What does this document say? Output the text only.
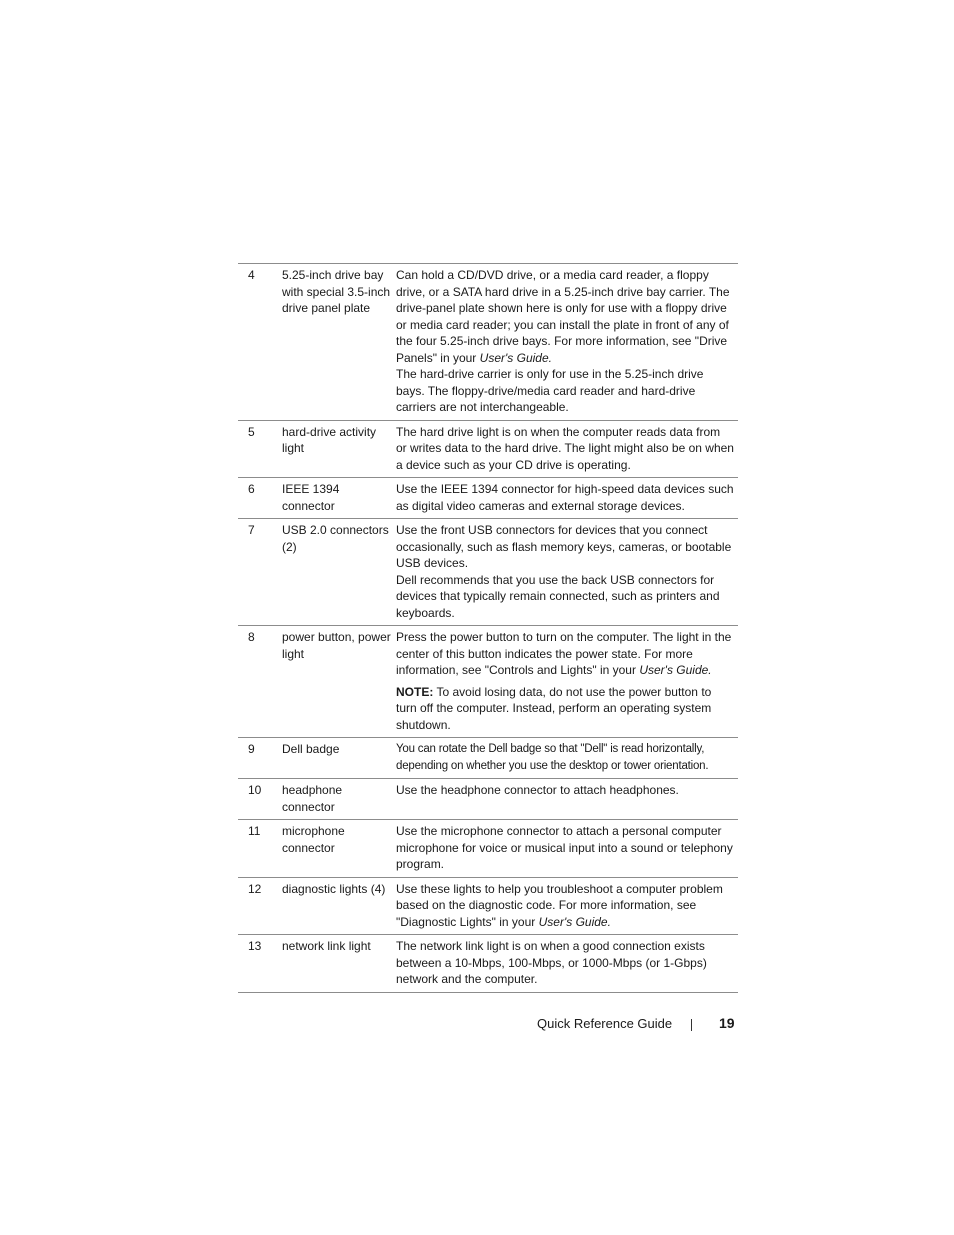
4	5.25-inch drive bay with special 3.5-inch drive panel plate	Can hold a CD/DVD drive, or a media card reader, a floppy drive, or a SATA hard drive in a 5.25-inch drive bay carrier. The drive-panel plate shown here is only for use with a floppy drive or media card reader; you can install the plate in front of any of the four 5.25-inch drive bays. For more information, see "Drive Panels" in your User's Guide.

The hard-drive carrier is only for use in the 5.25-inch drive bays. The floppy-drive/media card reader and hard-drive carriers are not interchangeable.

5	hard-drive activity light	The hard drive light is on when the computer reads data from or writes data to the hard drive. The light might also be on when a device such as your CD drive is operating.
6	IEEE 1394 connector	Use the IEEE 1394 connector for high-speed data devices such as digital video cameras and external storage devices.
7	USB 2.0 connectors (2)	Use the front USB connectors for devices that you connect occasionally, such as flash memory keys, cameras, or bootable USB devices.

Dell recommends that you use the back USB connectors for devices that typically remain connected, such as printers and keyboards.

8	power button, power light	Press the power button to turn on the computer. The light in the center of this button indicates the power state. For more information, see "Controls and Lights" in your User's Guide.

NOTE: To avoid losing data, do not use the power button to turn off the computer. Instead, perform an operating system shutdown.

9	Dell badge	You can rotate the Dell badge so that "Dell" is read horizontally, depending on whether you use the desktop or tower orientation.
10	headphone connector	Use the headphone connector to attach headphones.
11	microphone connector	Use the microphone connector to attach a personal computer microphone for voice or musical input into a sound or telephony program.
12	diagnostic lights (4)	Use these lights to help you troubleshoot a computer problem based on the diagnostic code. For more information, see "Diagnostic Lights" in your User's Guide.
13	network link light	The network link light is on when a good connection exists between a 10-Mbps, 100-Mbps, or 1000-Mbps (or 1-Gbps) network and the computer.
Quick Reference Guide	19
